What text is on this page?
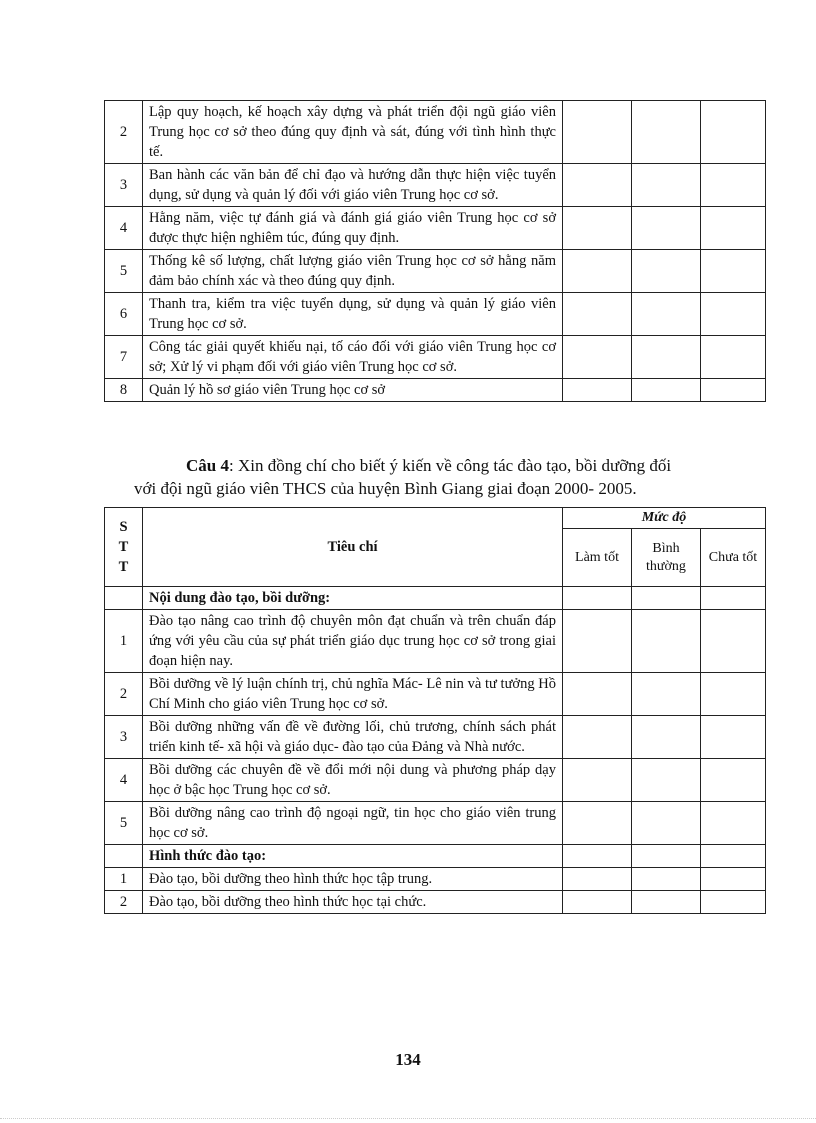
2	Lập quy hoạch, kế hoạch xây dựng và phát triển đội ngũ giáo viên Trung học cơ sở theo đúng quy định và sát, đúng với tình hình thực tế.			
3	Ban hành các văn bản để chỉ đạo và hướng dẫn thực hiện việc tuyển dụng, sử dụng và quản lý đối với giáo viên Trung học cơ sở.			
4	Hằng năm, việc tự đánh giá và đánh giá giáo viên Trung học cơ sở được thực hiện nghiêm túc, đúng quy định.			
5	Thống kê số lượng, chất lượng giáo viên Trung học cơ sở hằng năm đảm bảo chính xác và theo đúng quy định.			
6	Thanh tra, kiểm tra việc tuyển dụng, sử dụng và quản lý giáo viên Trung học cơ sở.			
7	Công tác giải quyết khiếu nại, tố cáo đối với giáo viên Trung học cơ sở; Xử lý vi phạm đối với giáo viên Trung học cơ sở.			
8	Quản lý hồ sơ giáo viên Trung học cơ sở			
Câu 4: Xin đồng chí cho biết ý kiến về công tác đào tạo, bồi dưỡng đối
với đội ngũ giáo viên THCS của huyện Bình Giang giai đoạn 2000- 2005.
S
T
T	Tiêu chí	Mức độ		
		Làm tốt	Bình thường	Chưa tốt
	Nội dung đào tạo, bồi dưỡng:			
1	Đào tạo nâng cao trình độ chuyên môn đạt chuẩn và trên chuẩn đáp ứng với yêu cầu của sự phát triển giáo dục trung học cơ sở trong giai đoạn hiện nay.			
2	Bồi dưỡng về lý luận chính trị, chủ nghĩa Mác- Lê nin và tư tưởng Hồ Chí Minh cho giáo viên Trung học cơ sở.			
3	Bồi dưỡng những vấn đề về đường lối, chủ trương, chính sách phát triển kinh tế- xã hội và giáo dục- đào tạo của Đảng và Nhà nước.			
4	Bồi dưỡng các chuyên đề về đổi mới nội dung và phương pháp dạy học ở bậc học Trung học cơ sở.			
5	Bồi dưỡng nâng cao trình độ ngoại ngữ, tin học cho giáo viên trung học cơ sở.			
	Hình thức đào tạo:			
1	Đào tạo, bồi dưỡng theo hình thức học tập trung.			
2	Đào tạo, bồi dưỡng theo hình thức học tại chức.			
134
